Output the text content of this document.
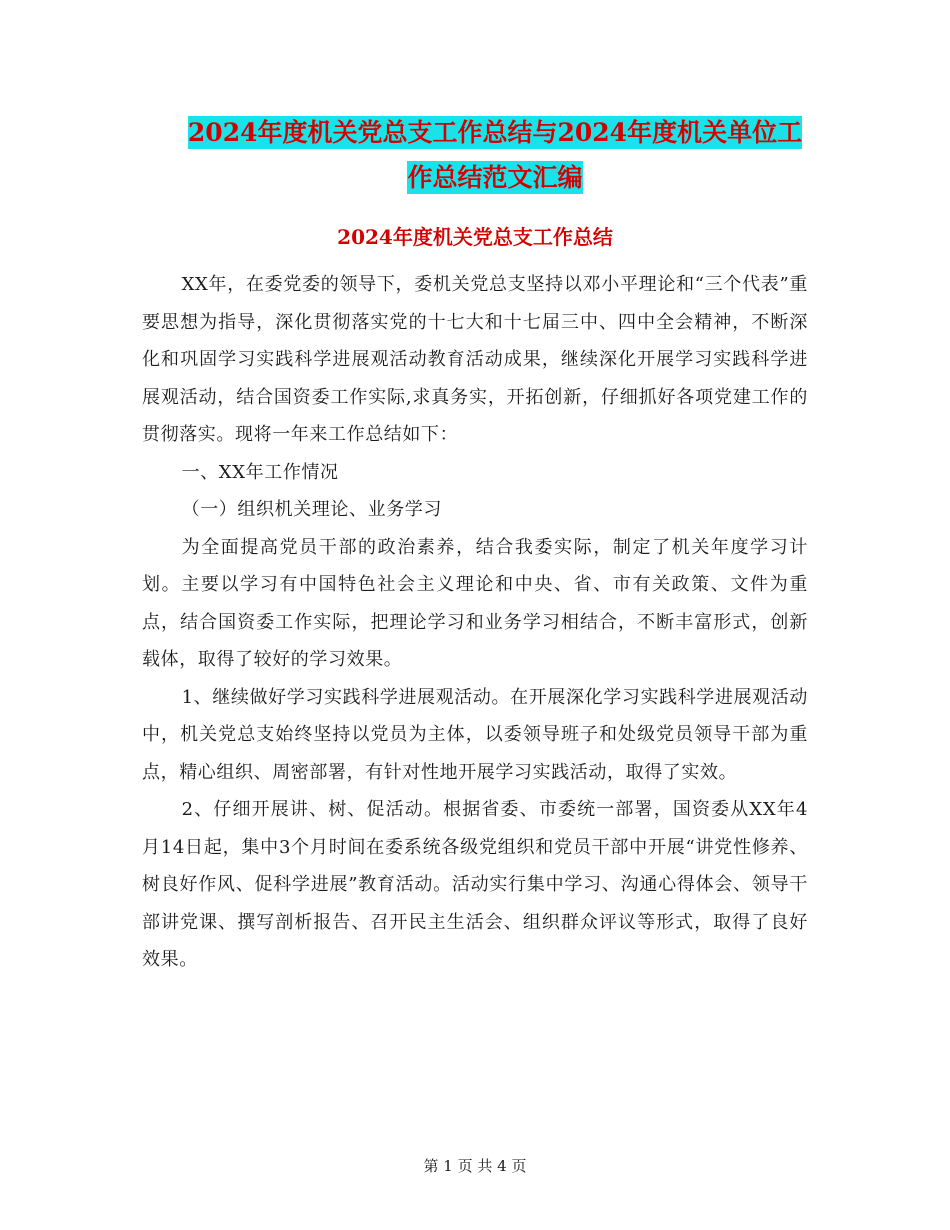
2024年度机关党总支工作总结与2024年度机关单位工
作总结范文汇编
2024年度机关党总支工作总结

XX年，在委党委的领导下，委机关党总支坚持以邓小平理论和“三个代表”重要思想为指导，深化贯彻落实党的十七大和十七届三中、四中全会精神，不断深化和巩固学习实践科学进展观活动教育活动成果，继续深化开展学习实践科学进展观活动，结合国资委工作实际,求真务实，开拓创新，仔细抓好各项党建工作的贯彻落实。现将一年来工作总结如下：

一、XX年工作情况

（一）组织机关理论、业务学习

为全面提高党员干部的政治素养，结合我委实际，制定了机关年度学习计划。主要以学习有中国特色社会主义理论和中央、省、市有关政策、文件为重点，结合国资委工作实际，把理论学习和业务学习相结合，不断丰富形式，创新载体，取得了较好的学习效果。

1、继续做好学习实践科学进展观活动。在开展深化学习实践科学进展观活动中，机关党总支始终坚持以党员为主体，以委领导班子和处级党员领导干部为重点，精心组织、周密部署，有针对性地开展学习实践活动，取得了实效。

2、仔细开展讲、树、促活动。根据省委、市委统一部署，国资委从XX年4月14日起，集中3个月时间在委系统各级党组织和党员干部中开展“讲党性修养、树良好作风、促科学进展”教育活动。活动实行集中学习、沟通心得体会、领导干部讲党课、撰写剖析报告、召开民主生活会、组织群众评议等形式，取得了良好效果。

第 1 页 共 4 页
